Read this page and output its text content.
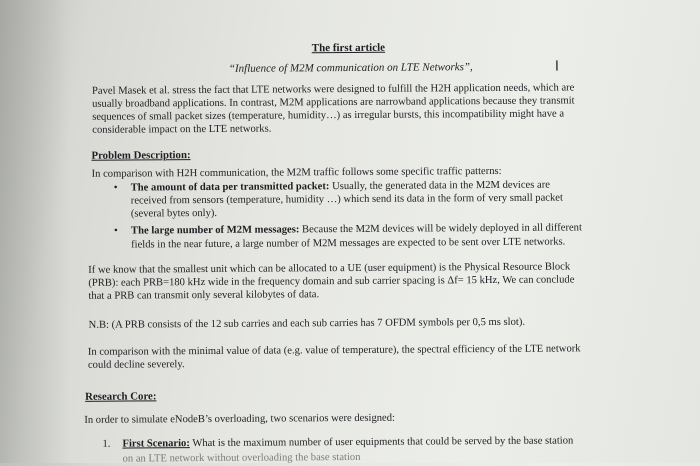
The first article
“Influence of M2M communication on LTE Networks”,	I
Pavel Masek et al. stress the fact that LTE networks were designed to fulfill the H2H application needs, which are
usually broadband applications. In contrast, M2M applications are narrowband applications because they transmit
sequences of small packet sizes (temperature, humidity…) as irregular bursts, this incompatibility might have a
considerable impact on the LTE networks.
Problem Description:
In comparison with H2H communication, the M2M traffic follows some specific traffic patterns:
• The amount of data per transmitted packet: Usually, the generated data in the M2M devices are
received from sensors (temperature, humidity …) which send its data in the form of very small packet
(several bytes only).
• The large number of M2M messages: Because the M2M devices will be widely deployed in all different
fields in the near future, a large number of M2M messages are expected to be sent over LTE networks.
If we know that the smallest unit which can be allocated to a UE (user equipment) is the Physical Resource Block
(PRB): each PRB=180 kHz wide in the frequency domain and sub carrier spacing is Δf= 15 kHz, We can conclude
that a PRB can transmit only several kilobytes of data.
N.B: (A PRB consists of the 12 sub carries and each sub carries has 7 OFDM symbols per 0,5 ms slot).
In comparison with the minimal value of data (e.g. value of temperature), the spectral efficiency of the LTE network
could decline severely.
Research Core:
In order to simulate eNodeB’s overloading, two scenarios were designed:
1. First Scenario: What is the maximum number of user equipments that could be served by the base station
on an LTE network without overloading the base station
